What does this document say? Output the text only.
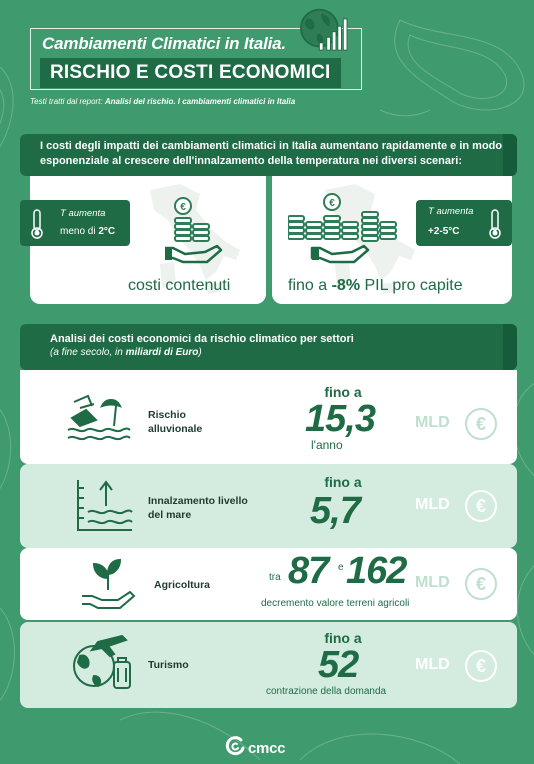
Cambiamenti Climatici in Italia.
RISCHIO E COSTI ECONOMICI
Testi tratti dal report: Analisi del rischio. I cambiamenti climatici in Italia
I costi degli impatti dei cambiamenti climatici in Italia aumentano rapidamente e in modo esponenziale al crescere dell'innalzamento della temperatura nei diversi scenari:
T aumenta
meno di 2°C
€
costi contenuti
€
T aumenta
+2-5°C
fino a -8% PIL pro capite
Analisi dei costi economici da rischio climatico per settori
(a fine secolo, in miliardi di Euro)
Rischio alluvionale
fino a
15,3
l'anno
MLD	€
Innalzamento livello del mare
fino a
5,7	MLD	€
Agricoltura
tra 87 e 162
decremento valore terreni agricoli
MLD	€
Turismo
fino a
52
contrazione della domanda
MLD	€
cmcc
